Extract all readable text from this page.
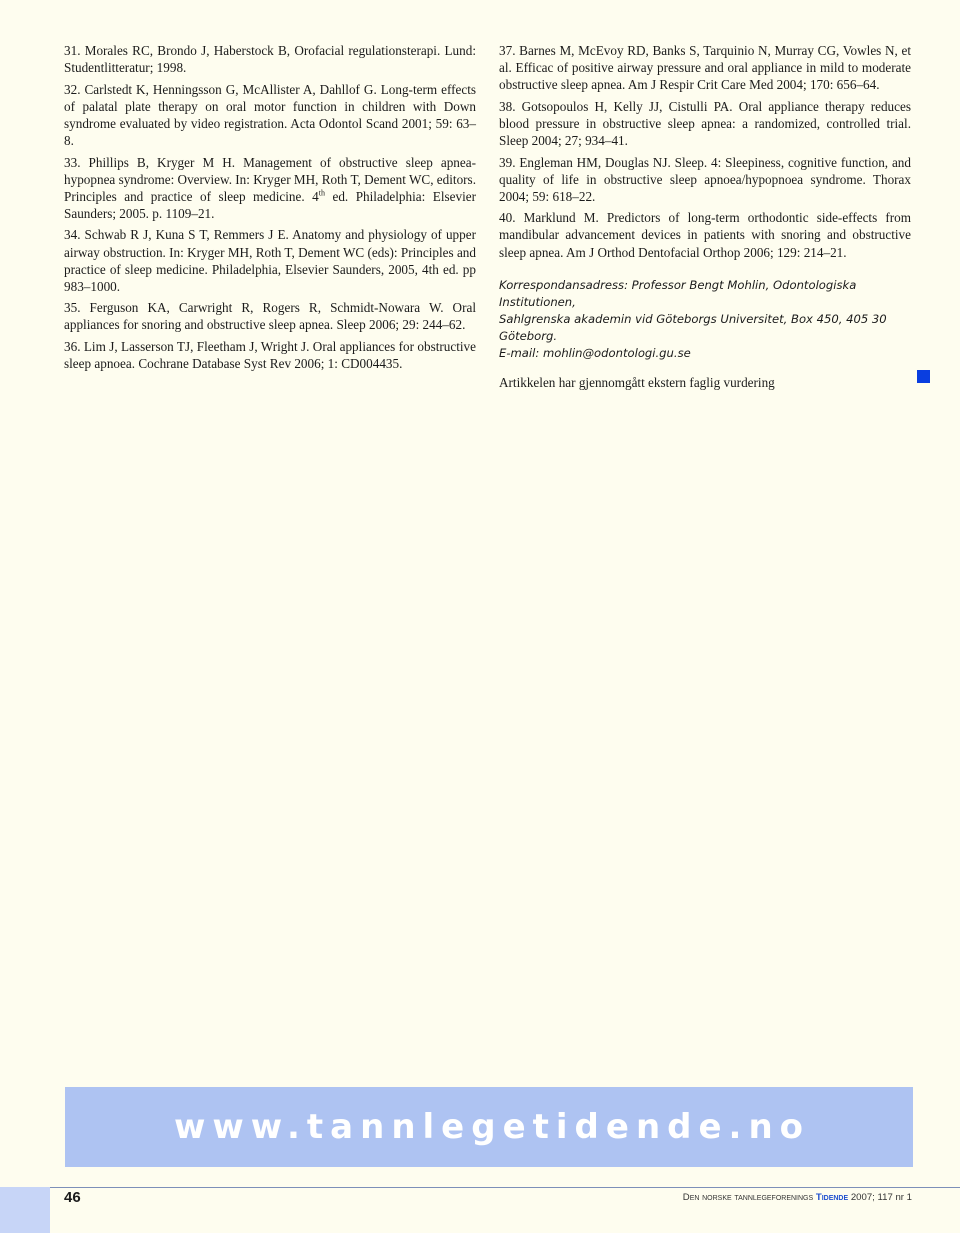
31. Morales RC, Brondo J, Haberstock B, Orofacial regulationsterapi. Lund: Studentlitteratur; 1998.

32. Carlstedt K, Henningsson G, McAllister A, Dahllof G. Long-term effects of palatal plate therapy on oral motor function in children with Down syndrome evaluated by video registration. Acta Odontol Scand 2001; 59: 63–8.

33. Phillips B, Kryger M H. Management of obstructive sleep apnea-hypopnea syndrome: Overview. In: Kryger MH, Roth T, Dement WC, editors. Principles and practice of sleep medicine. 4th ed. Philadelphia: Elsevier Saunders; 2005. p. 1109–21.

34. Schwab R J, Kuna S T, Remmers J E. Anatomy and physiology of upper airway obstruction. In: Kryger MH, Roth T, Dement WC (eds): Principles and practice of sleep medicine. Philadelphia, Elsevier Saunders, 2005, 4th ed. pp 983–1000.

35. Ferguson KA, Carwright R, Rogers R, Schmidt-Nowara W. Oral appliances for snoring and obstructive sleep apnea. Sleep 2006; 29: 244–62.

36. Lim J, Lasserson TJ, Fleetham J, Wright J. Oral appliances for obstructive sleep apnoea. Cochrane Database Syst Rev 2006; 1: CD004435.

37. Barnes M, McEvoy RD, Banks S, Tarquinio N, Murray CG, Vowles N, et al. Efficac of positive airway pressure and oral appliance in mild to moderate obstructive sleep apnea. Am J Respir Crit Care Med 2004; 170: 656–64.

38. Gotsopoulos H, Kelly JJ, Cistulli PA. Oral appliance therapy reduces blood pressure in obstructive sleep apnea: a randomized, controlled trial. Sleep 2004; 27; 934–41.

39. Engleman HM, Douglas NJ. Sleep. 4: Sleepiness, cognitive function, and quality of life in obstructive sleep apnoea/hypopnoea syndrome. Thorax 2004; 59: 618–22.

40. Marklund M. Predictors of long-term orthodontic side-effects from mandibular advancement devices in patients with snoring and obstructive sleep apnea. Am J Orthod Dentofacial Orthop 2006; 129: 214–21.

Korrespondansadress: Professor Bengt Mohlin, Odontologiska Institutionen,
Sahlgrenska akademin vid Göteborgs Universitet, Box 450, 405 30 Göteborg.
E-mail: mohlin@odontologi.gu.se
Artikkelen har gjennomgått ekstern faglig vurdering
www.tannlegetidende.no
46	Den norske tannlegeforenings Tidende 2007; 117 nr 1
